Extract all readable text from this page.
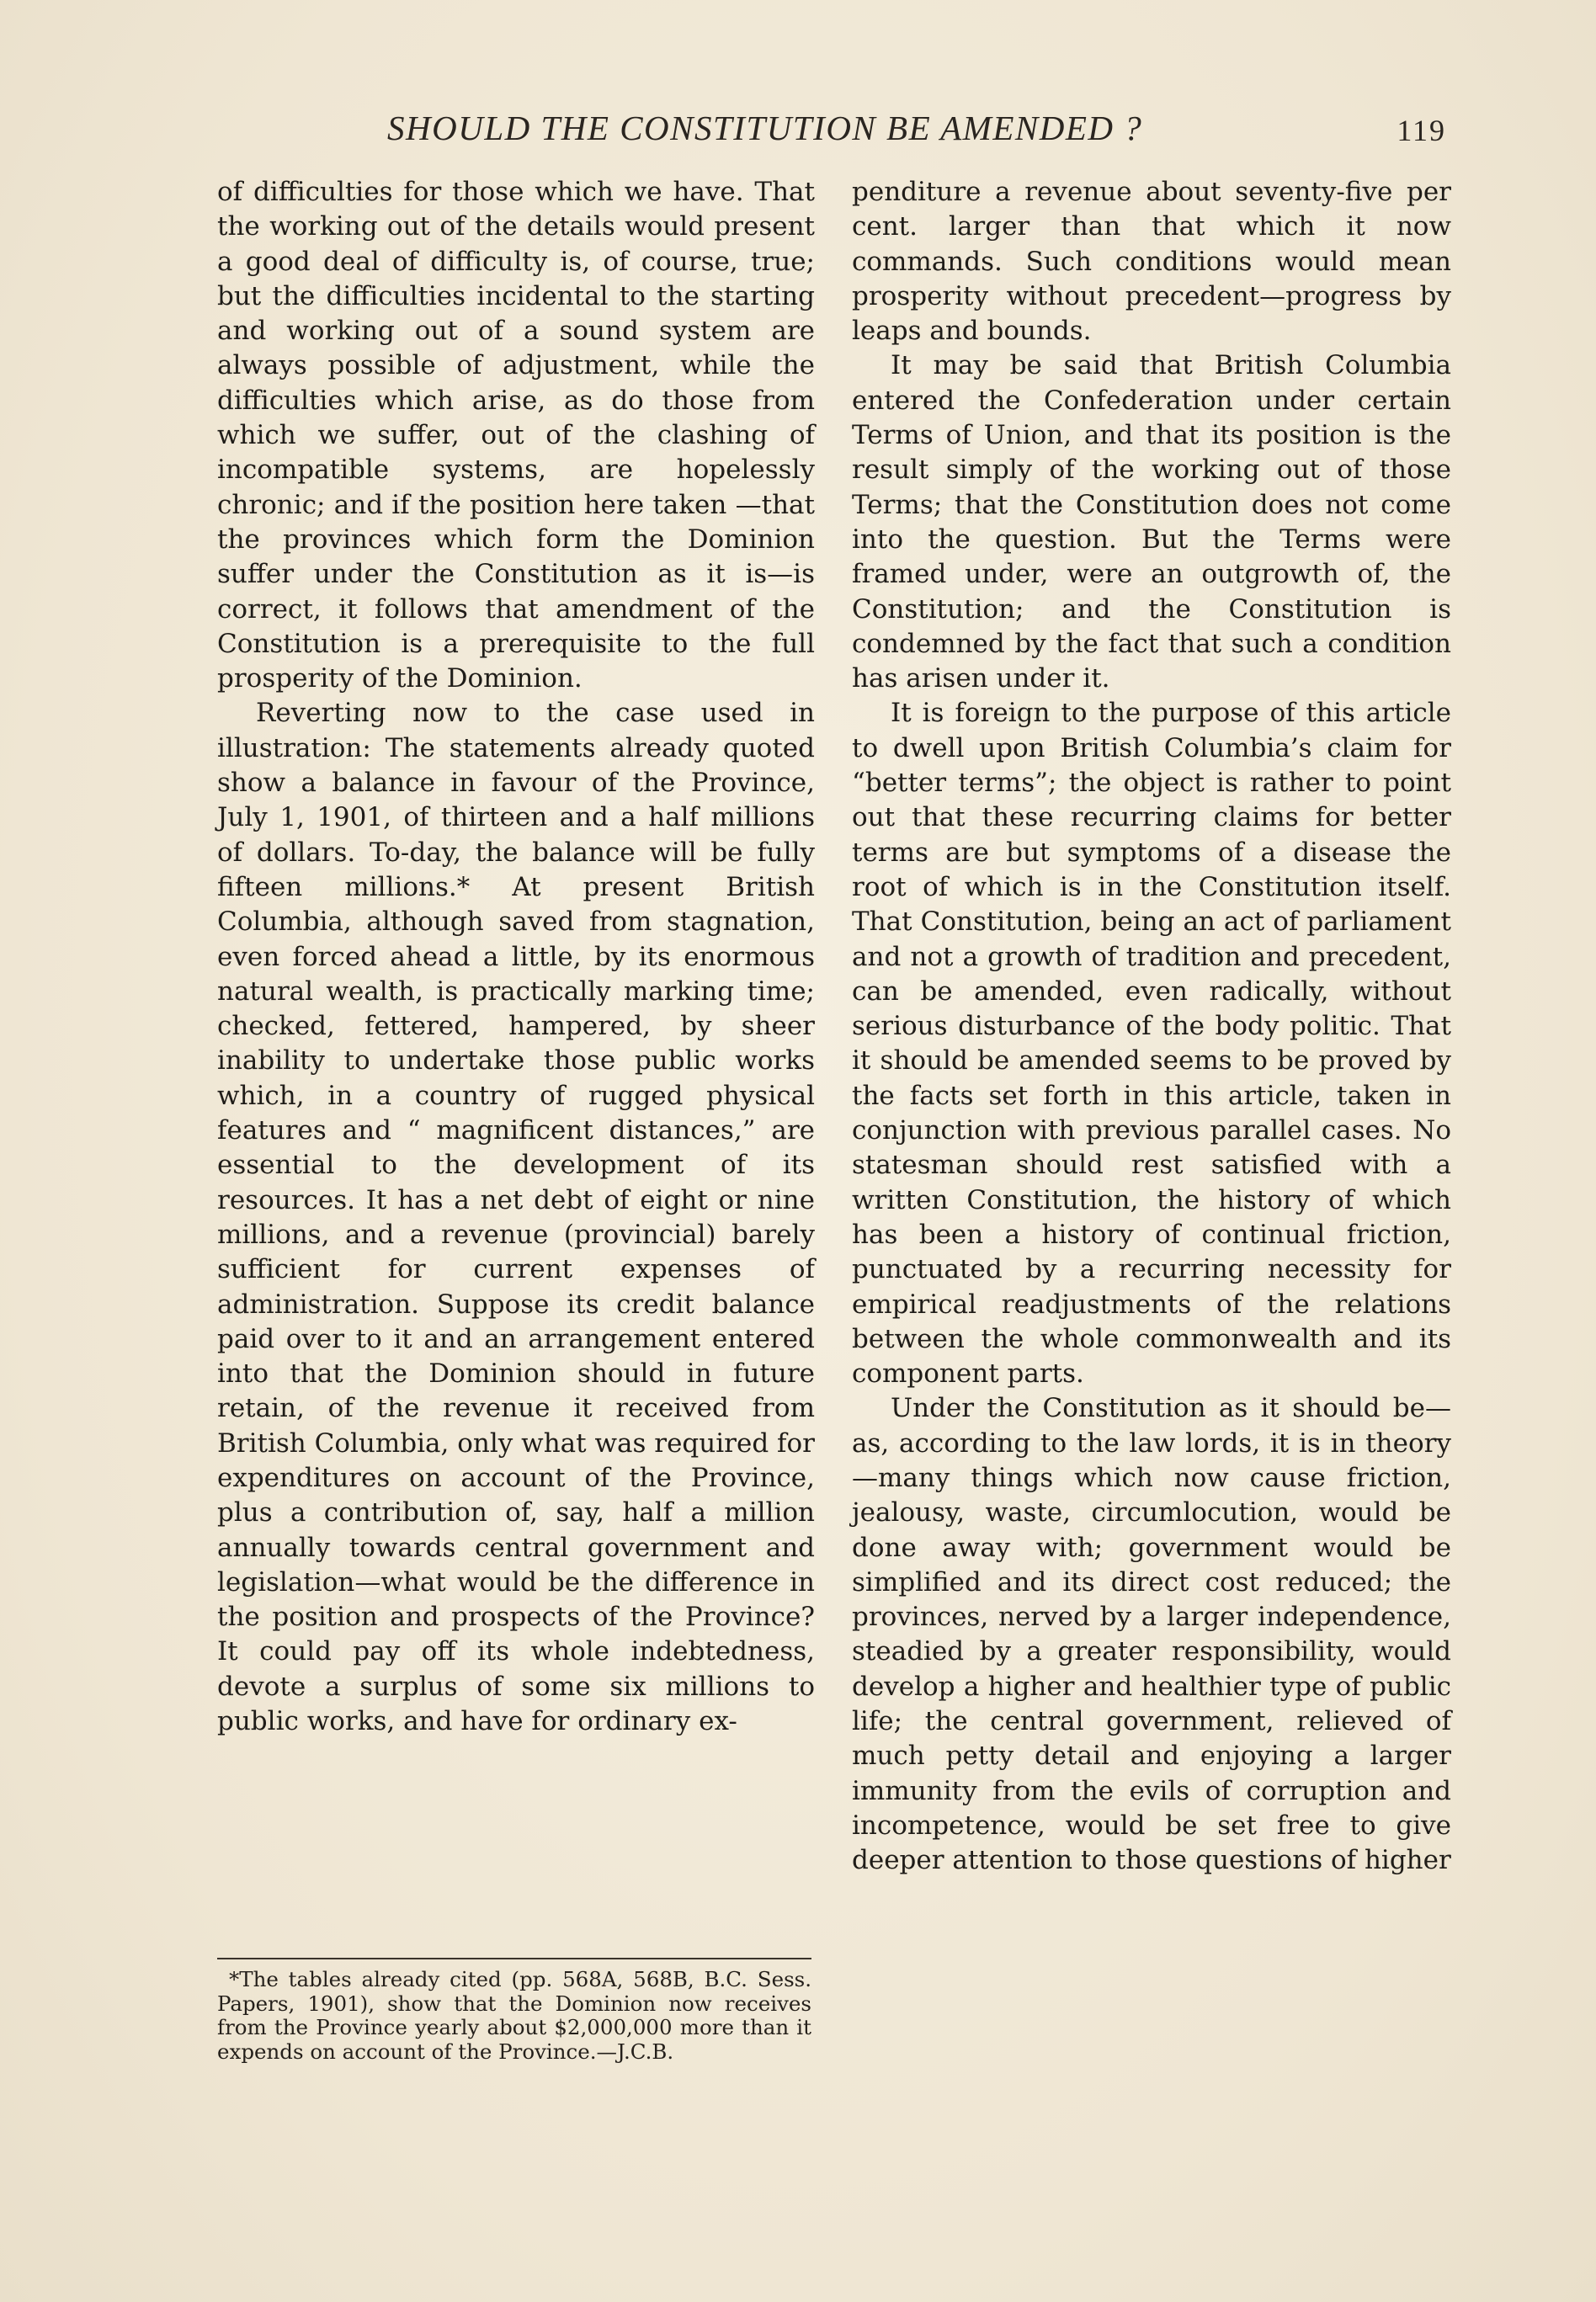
SHOULD THE CONSTITUTION BE AMENDED ?	119

of difficulties for those which we have. That the working out of the details would present a good deal of difficulty is, of course, true; but the difficulties incidental to the starting and working out of a sound system are always possible of adjustment, while the difficulties which arise, as do those from which we suffer, out of the clashing of incompatible systems, are hopelessly chronic; and if the position here taken —that the provinces which form the Dominion suffer under the Constitution as it is—is correct, it follows that amendment of the Constitution is a prerequisite to the full prosperity of the Dominion.

Reverting now to the case used in illustration: The statements already quoted show a balance in favour of the Province, July 1, 1901, of thirteen and a half millions of dollars. To-day, the balance will be fully fifteen millions.* At present British Columbia, although saved from stagnation, even forced ahead a little, by its enormous natural wealth, is practically marking time; checked, fettered, hampered, by sheer inability to undertake those public works which, in a country of rugged physical features and “ magnificent distances,” are essential to the development of its resources. It has a net debt of eight or nine millions, and a revenue (provincial) barely sufficient for current expenses of administration. Suppose its credit balance paid over to it and an arrangement entered into that the Dominion should in future retain, of the revenue it received from British Columbia, only what was required for expenditures on account of the Province, plus a contribution of, say, half a million annually towards central government and legislation—what would be the difference in the position and prospects of the Province? It could pay off its whole indebtedness, devote a surplus of some six millions to public works, and have for ordinary ex-

*The tables already cited (pp. 568A, 568B, B.C. Sess. Papers, 1901), show that the Dominion now receives from the Province yearly about $2,000,000 more than it expends on account of the Province.—J.C.B.

penditure a revenue about seventy-five per cent. larger than that which it now commands. Such conditions would mean prosperity without precedent—progress by leaps and bounds.

It may be said that British Columbia entered the Confederation under certain Terms of Union, and that its position is the result simply of the working out of those Terms; that the Constitution does not come into the question. But the Terms were framed under, were an outgrowth of, the Constitution; and the Constitution is condemned by the fact that such a condition has arisen under it.

It is foreign to the purpose of this article to dwell upon British Columbia’s claim for “better terms”; the object is rather to point out that these recurring claims for better terms are but symptoms of a disease the root of which is in the Constitution itself. That Constitution, being an act of parliament and not a growth of tradition and precedent, can be amended, even radically, without serious disturbance of the body politic. That it should be amended seems to be proved by the facts set forth in this article, taken in conjunction with previous parallel cases. No statesman should rest satisfied with a written Constitution, the history of which has been a history of continual friction, punctuated by a recurring necessity for empirical readjustments of the relations between the whole commonwealth and its component parts.

Under the Constitution as it should be—as, according to the law lords, it is in theory—many things which now cause friction, jealousy, waste, circumlocution, would be done away with; government would be simplified and its direct cost reduced; the provinces, nerved by a larger independence, steadied by a greater responsibility, would develop a higher and healthier type of public life; the central government, relieved of much petty detail and enjoying a larger immunity from the evils of corruption and incompetence, would be set free to give deeper attention to those questions of higher
